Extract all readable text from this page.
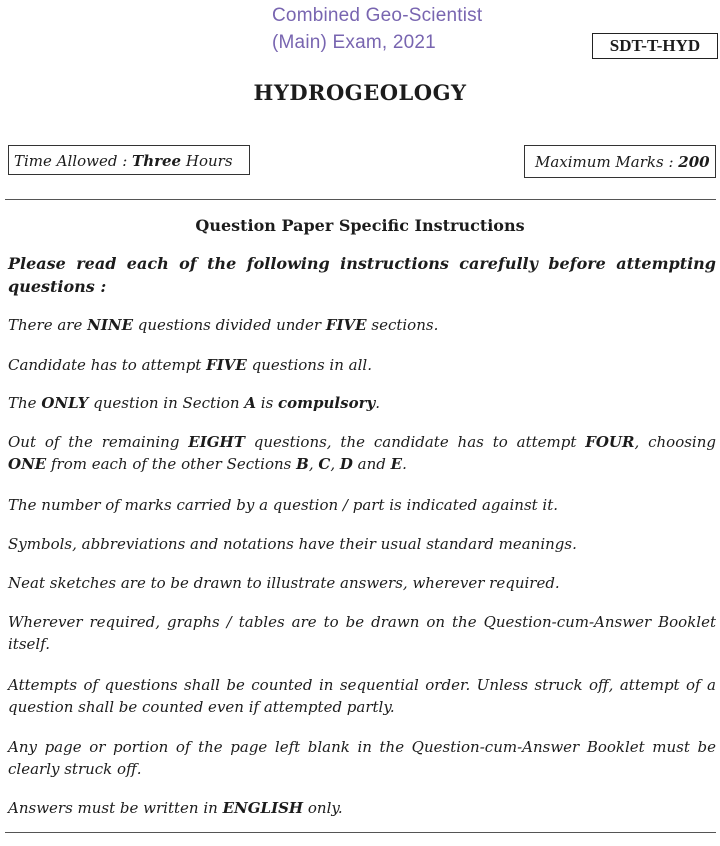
Combined Geo-Scientist
(Main) Exam, 2021	SDT-T-HYD
HYDROGEOLOGY
Time Allowed : Three Hours	Maximum Marks : 200
Question Paper Specific Instructions

Please read each of the following instructions carefully before attempting
questions :

There are NINE questions divided under FIVE sections.

Candidate has to attempt FIVE questions in all.

The ONLY question in Section A is compulsory.

Out of the remaining EIGHT questions, the candidate has to attempt FOUR, choosing
ONE from each of the other Sections B, C, D and E.

The number of marks carried by a question / part is indicated against it.

Symbols, abbreviations and notations have their usual standard meanings.

Neat sketches are to be drawn to illustrate answers, wherever required.

Wherever required, graphs / tables are to be drawn on the Question-cum-Answer Booklet
itself.

Attempts of questions shall be counted in sequential order. Unless struck off, attempt of a
question shall be counted even if attempted partly.

Any page or portion of the page left blank in the Question-cum-Answer Booklet must be
clearly struck off.

Answers must be written in ENGLISH only.
